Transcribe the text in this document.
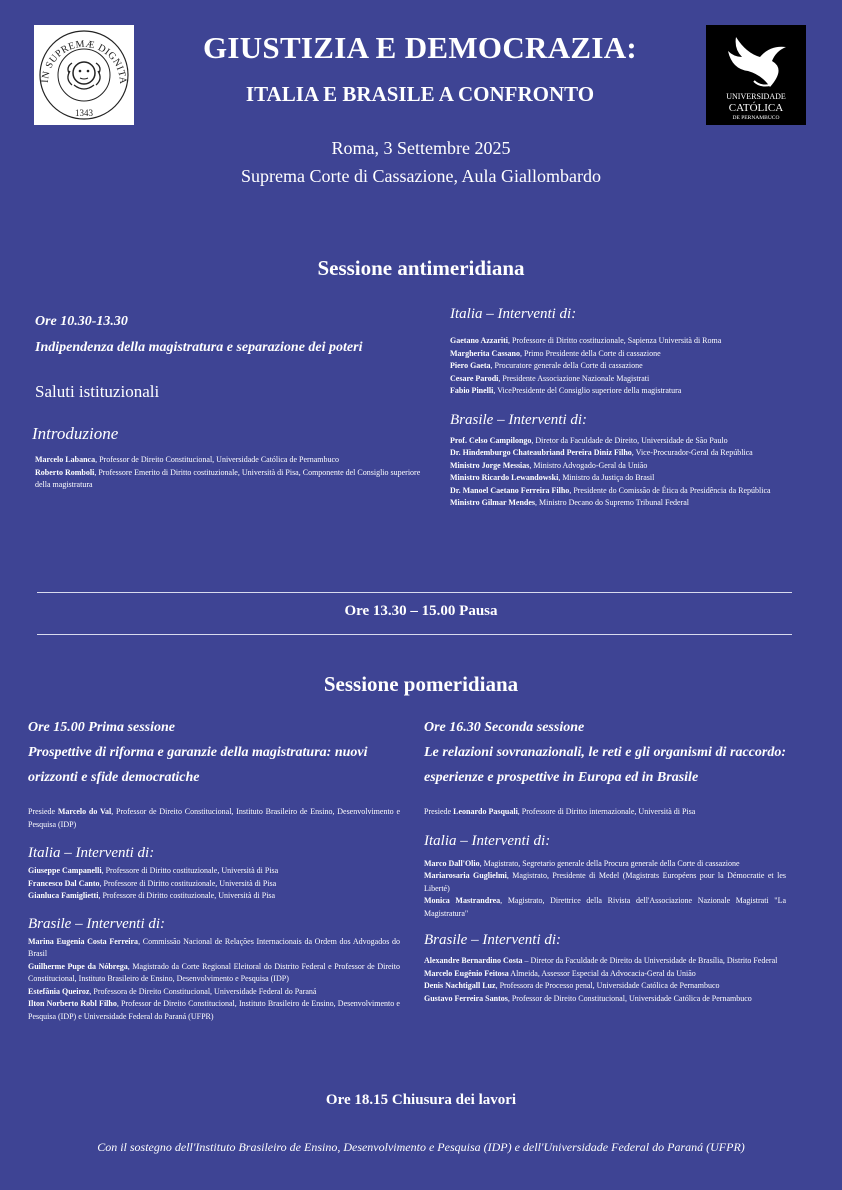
IN SUPREMÆ DIGNITA
1343
UNIVERSIDADE
CATÓLICA
DE PERNAMBUCO
GIUSTIZIA E DEMOCRAZIA:
ITALIA E BRASILE A CONFRONTO
Roma, 3 Settembre 2025
Suprema Corte di Cassazione, Aula Giallombardo
Sessione antimeridiana
Ore 10.30-13.30
Indipendenza della magistratura e separazione dei poteri
Saluti istituzionali
Introduzione
Marcelo Labanca, Professor de Direito Constitucional, Universidade Católica de Pernambuco
Roberto Romboli, Professore Emerito di Diritto costituzionale, Università di Pisa, Componente del Consiglio superiore della magistratura
Italia – Interventi di:
Gaetano Azzariti, Professore di Diritto costituzionale, Sapienza Università di Roma
Margherita Cassano, Primo Presidente della Corte di cassazione
Piero Gaeta, Procuratore generale della Corte di cassazione
Cesare Parodi, Presidente Associazione Nazionale Magistrati
Fabio Pinelli, VicePresidente del Consiglio superiore della magistratura
Brasile – Interventi di:
Prof. Celso Campilongo, Diretor da Faculdade de Direito, Universidade de São Paulo
Dr. Hindemburgo Chateaubriand Pereira Diniz Filho, Vice-Procurador-Geral da República
Ministro Jorge Messias, Ministro Advogado-Geral da União
Ministro Ricardo Lewandowski, Ministro da Justiça do Brasil
Dr. Manoel Caetano Ferreira Filho, Presidente do Comissão de Ética da Presidência da República
Ministro Gilmar Mendes, Ministro Decano do Supremo Tribunal Federal
Ore 13.30 – 15.00 Pausa
Sessione pomeridiana
Ore 15.00 Prima sessione
Prospettive di riforma e garanzie della magistratura: nuovi orizzonti e sfide democratiche
Presiede Marcelo do Val, Professor de Direito Constitucional, Instituto Brasileiro de Ensino, Desenvolvimento e Pesquisa (IDP)
Italia – Interventi di:
Giuseppe Campanelli, Professore di Diritto costituzionale, Università di Pisa
Francesco Dal Canto, Professore di Diritto costituzionale, Università di Pisa
Gianluca Famiglietti, Professore di Diritto costituzionale, Università di Pisa
Brasile – Interventi di:
Marina Eugenia Costa Ferreira, Commissão Nacional de Relações Internacionais da Ordem dos Advogados do Brasil
Guilherme Pupe da Nóbrega, Magistrado da Corte Regional Eleitoral do Distrito Federal e Professor de Direito Constitucional, Instituto Brasileiro de Ensino, Desenvolvimento e Pesquisa (IDP)
Estefânia Queiroz, Professora de Direito Constitucional, Universidade Federal do Paraná
Ilton Norberto Robl Filho, Professor de Direito Constitucional, Instituto Brasileiro de Ensino, Desenvolvimento e Pesquisa (IDP) e Universidade Federal do Paraná (UFPR)
Ore 16.30 Seconda sessione
Le relazioni sovranazionali, le reti e gli organismi di raccordo: esperienze e prospettive in Europa ed in Brasile
Presiede Leonardo Pasquali, Professore di Diritto internazionale, Università di Pisa
Italia – Interventi di:
Marco Dall'Olio, Magistrato, Segretario generale della Procura generale della Corte di cassazione
Mariarosaria Guglielmi, Magistrato, Presidente di Medel (Magistrats Européens pour la Démocratie et les Liberté)
Monica Mastrandrea, Magistrato, Direttrice della Rivista dell'Associazione Nazionale Magistrati "La Magistratura"
Brasile – Interventi di:
Alexandre Bernardino Costa – Diretor da Faculdade de Direito da Universidade de Brasília, Distrito Federal
Marcelo Eugênio Feitosa Almeida, Assessor Especial da Advocacia-Geral da União
Denis Nachtigall Luz, Professora de Processo penal, Universidade Católica de Pernambuco
Gustavo Ferreira Santos, Professor de Direito Constitucional, Universidade Católica de Pernambuco
Ore 18.15 Chiusura dei lavori
Con il sostegno dell'Instituto Brasileiro de Ensino, Desenvolvimento e Pesquisa (IDP) e dell'Universidade Federal do Paraná (UFPR)
